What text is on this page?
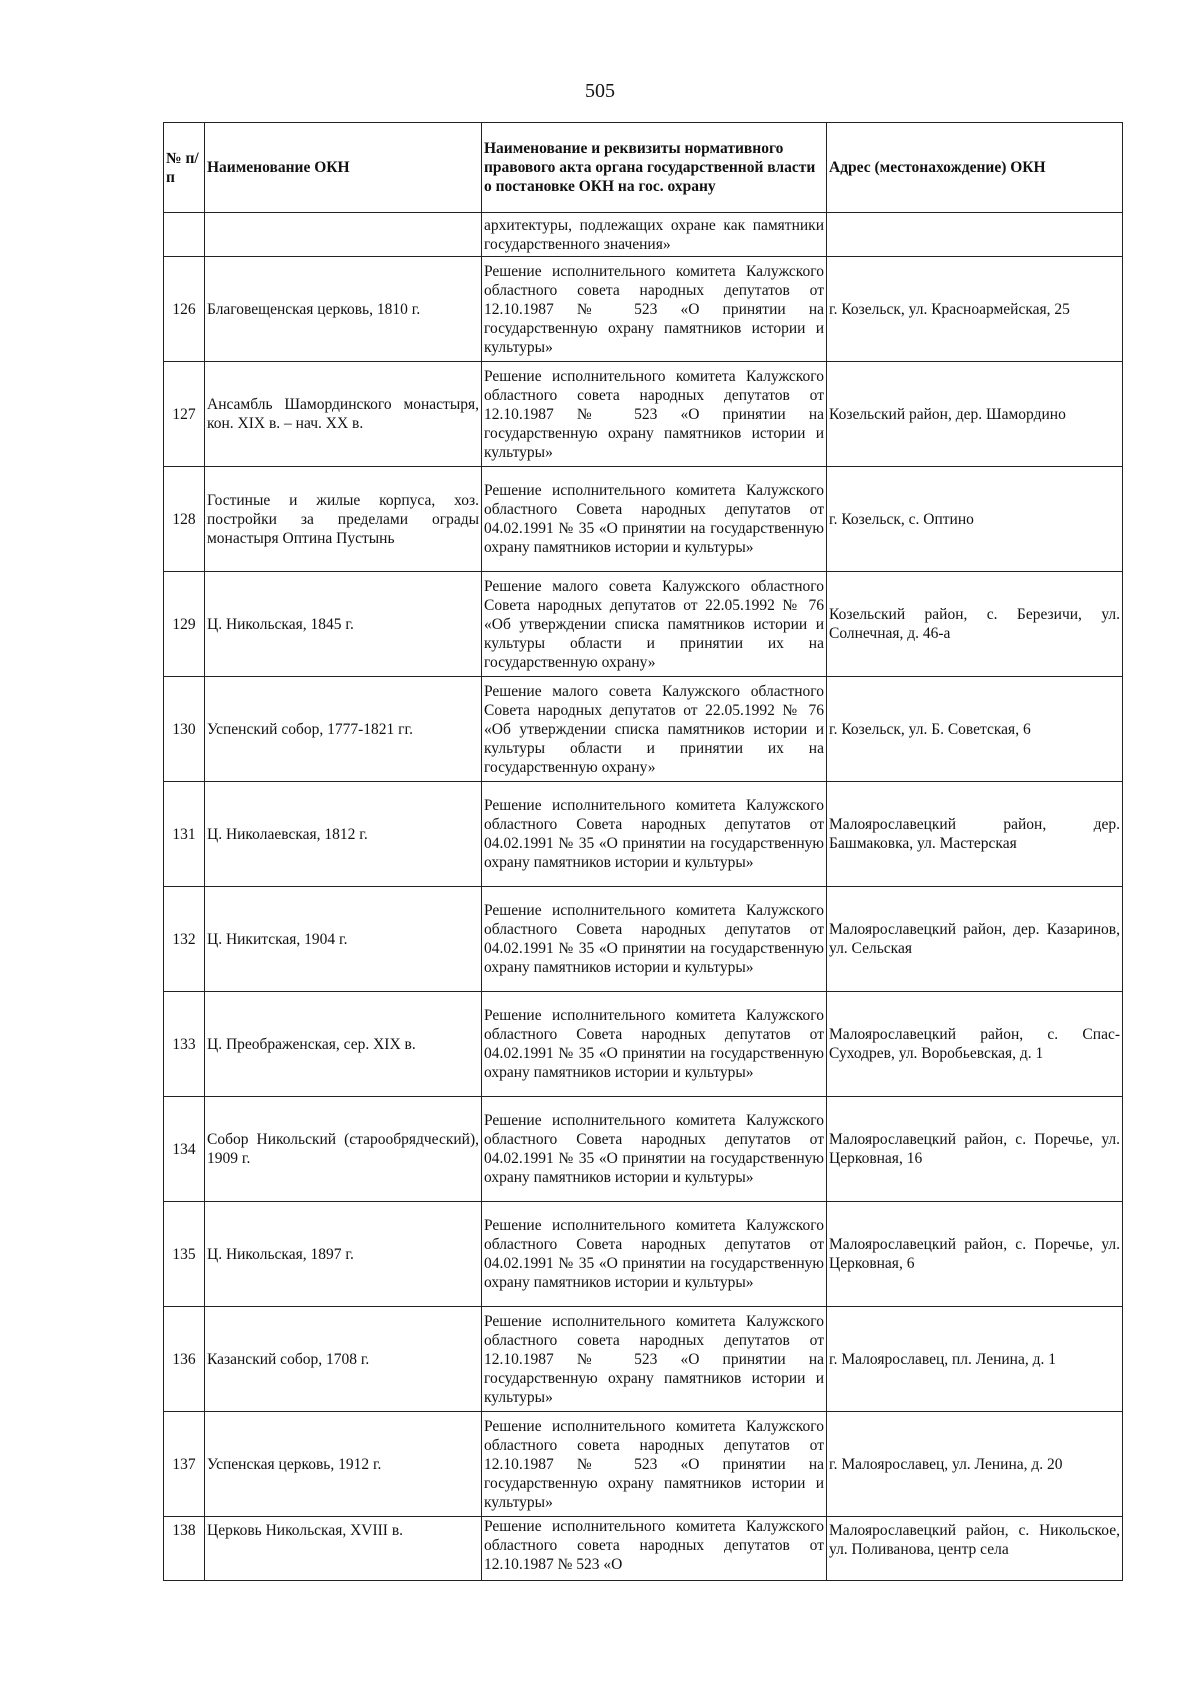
505
№ п/п	Наименование ОКН	Наименование и реквизиты нормативного правового акта органа государственной власти о постановке ОКН на гос. охрану	Адрес (местонахождение) ОКН
		архитектуры, подлежащих охране как памятники государственного значения»	
126	Благовещенская церковь, 1810 г.	Решение исполнительного комитета Калужского областного совета народных депутатов от 12.10.1987 № 523 «О принятии на государственную охрану памятников истории и культуры»	г. Козельск, ул. Красноармейская, 25
127	Ансамбль Шамординского монастыря, кон. XIX в. – нач. XX в.	Решение исполнительного комитета Калужского областного совета народных депутатов от 12.10.1987 № 523 «О принятии на государственную охрану памятников истории и культуры»	Козельский район, дер. Шамордино
128	Гостиные и жилые корпуса, хоз. постройки за пределами ограды монастыря Оптина Пустынь	Решение исполнительного комитета Калужского областного Совета народных депутатов от 04.02.1991 № 35 «О принятии на государственную охрану памятников истории и культуры»	г. Козельск, с. Оптино
129	Ц. Никольская, 1845 г.	Решение малого совета Калужского областного Совета народных депутатов от 22.05.1992 № 76 «Об утверждении списка памятников истории и культуры области и принятии их на государственную охрану»	Козельский район, с. Березичи, ул. Солнечная, д. 46-а
130	Успенский собор, 1777-1821 гг.	Решение малого совета Калужского областного Совета народных депутатов от 22.05.1992 № 76 «Об утверждении списка памятников истории и культуры области и принятии их на государственную охрану»	г. Козельск, ул. Б. Советская, 6
131	Ц. Николаевская, 1812 г.	Решение исполнительного комитета Калужского областного Совета народных депутатов от 04.02.1991 № 35 «О принятии на государственную охрану памятников истории и культуры»	Малоярославецкий район, дер. Башмаковка, ул. Мастерская
132	Ц. Никитская, 1904 г.	Решение исполнительного комитета Калужского областного Совета народных депутатов от 04.02.1991 № 35 «О принятии на государственную охрану памятников истории и культуры»	Малоярославецкий район, дер. Казаринов, ул. Сельская
133	Ц. Преображенская, сер. XIX в.	Решение исполнительного комитета Калужского областного Совета народных депутатов от 04.02.1991 № 35 «О принятии на государственную охрану памятников истории и культуры»	Малоярославецкий район, с. Спас-Суходрев, ул. Воробьевская, д. 1
134	Собор Никольский (старообрядческий), 1909 г.	Решение исполнительного комитета Калужского областного Совета народных депутатов от 04.02.1991 № 35 «О принятии на государственную охрану памятников истории и культуры»	Малоярославецкий район, с. Поречье, ул. Церковная, 16
135	Ц. Никольская, 1897 г.	Решение исполнительного комитета Калужского областного Совета народных депутатов от 04.02.1991 № 35 «О принятии на государственную охрану памятников истории и культуры»	Малоярославецкий район, с. Поречье, ул. Церковная, 6
136	Казанский собор, 1708 г.	Решение исполнительного комитета Калужского областного совета народных депутатов от 12.10.1987 № 523 «О принятии на государственную охрану памятников истории и культуры»	г. Малоярославец, пл. Ленина, д. 1
137	Успенская церковь, 1912 г.	Решение исполнительного комитета Калужского областного совета народных депутатов от 12.10.1987 № 523 «О принятии на государственную охрану памятников истории и культуры»	г. Малоярославец, ул. Ленина, д. 20
138	Церковь Никольская, XVIII в.	Решение исполнительного комитета Калужского областного совета народных депутатов от 12.10.1987 № 523 «О	Малоярославецкий район, с. Никольское, ул. Поливанова, центр села
